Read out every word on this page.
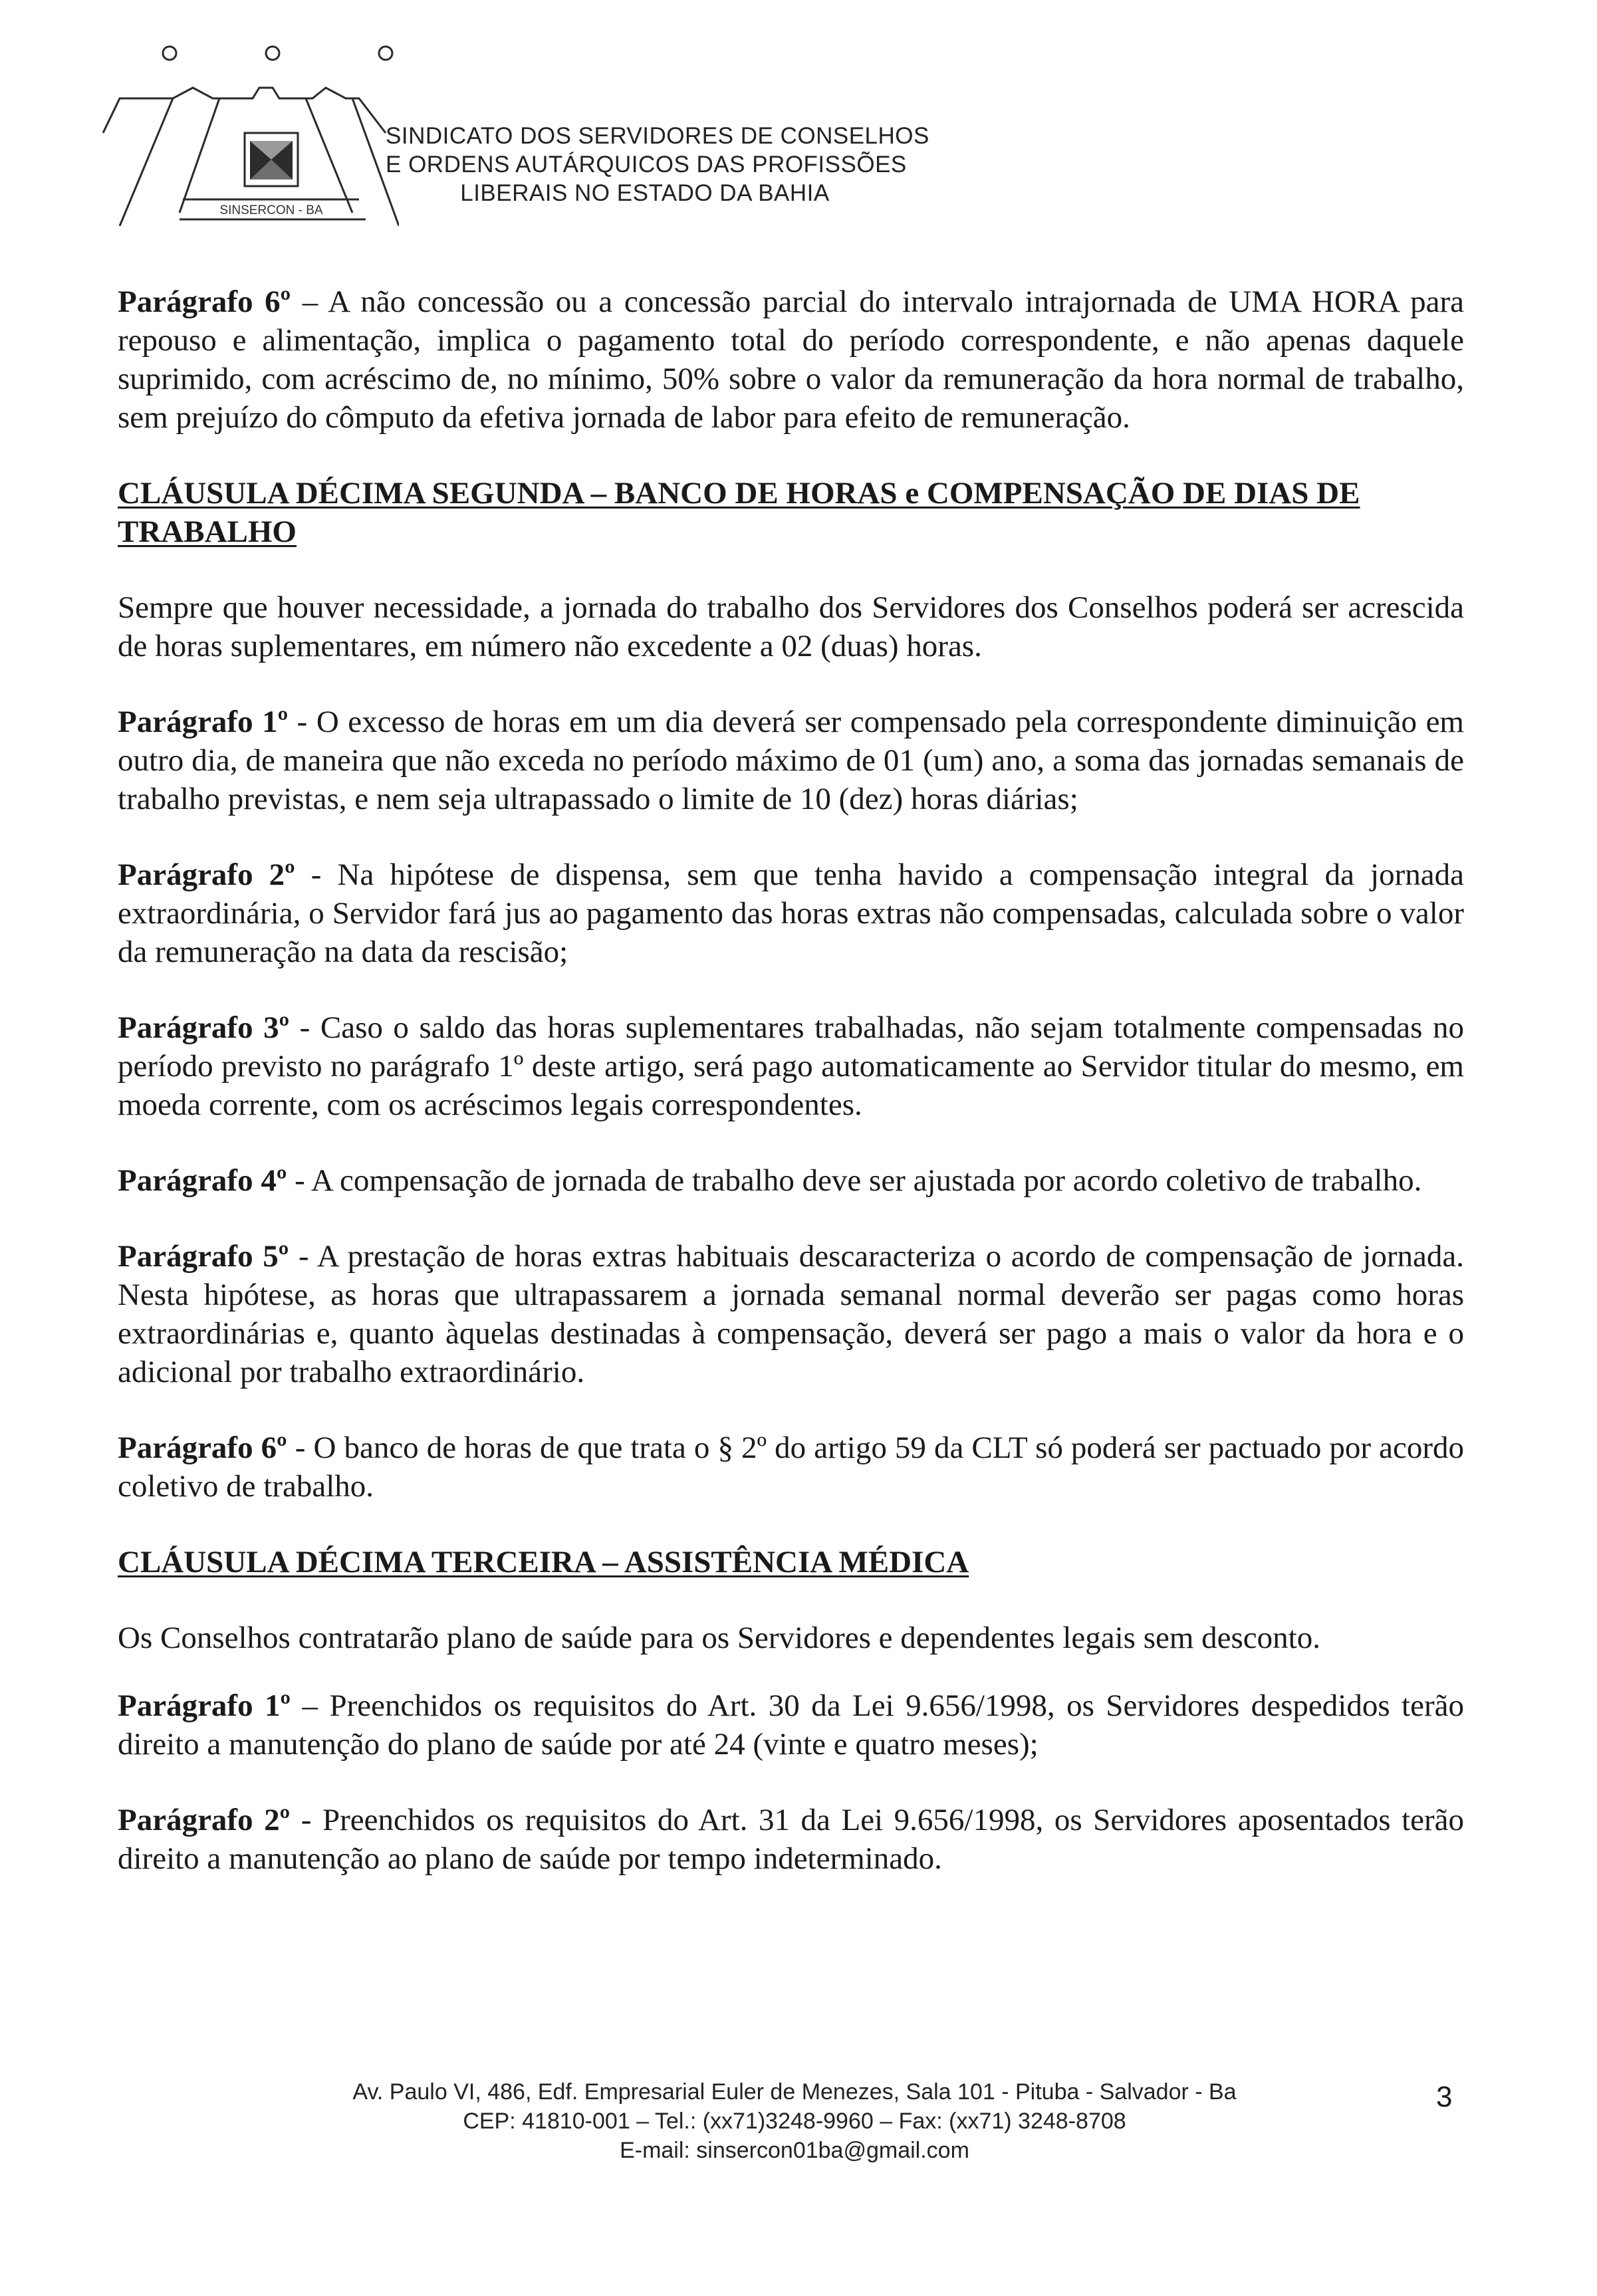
SINSERCON - BA
SINDICATO DOS SERVIDORES DE CONSELHOS
E ORDENS AUTÁRQUICOS DAS PROFISSÕES
LIBERAIS NO ESTADO DA BAHIA

Parágrafo 6º – A não concessão ou a concessão parcial do intervalo intrajornada de UMA HORA para repouso e alimentação, implica o pagamento total do período correspondente, e não apenas daquele suprimido, com acréscimo de, no mínimo, 50% sobre o valor da remuneração da hora normal de trabalho, sem prejuízo do cômputo da efetiva jornada de labor para efeito de remuneração.

CLÁUSULA DÉCIMA SEGUNDA – BANCO DE HORAS e COMPENSAÇÃO DE DIAS DE TRABALHO

Sempre que houver necessidade, a jornada do trabalho dos Servidores dos Conselhos poderá ser acrescida de horas suplementares, em número não excedente a 02 (duas) horas.

Parágrafo 1º - O excesso de horas em um dia deverá ser compensado pela correspondente diminuição em outro dia, de maneira que não exceda no período máximo de 01 (um) ano, a soma das jornadas semanais de trabalho previstas, e nem seja ultrapassado o limite de 10 (dez) horas diárias;

Parágrafo 2º - Na hipótese de dispensa, sem que tenha havido a compensação integral da jornada extraordinária, o Servidor fará jus ao pagamento das horas extras não compensadas, calculada sobre o valor da remuneração na data da rescisão;

Parágrafo 3º - Caso o saldo das horas suplementares trabalhadas, não sejam totalmente compensadas no período previsto no parágrafo 1º deste artigo, será pago automaticamente ao Servidor titular do mesmo, em moeda corrente, com os acréscimos legais correspondentes.

Parágrafo 4º - A compensação de jornada de trabalho deve ser ajustada por acordo coletivo de trabalho.

Parágrafo 5º - A prestação de horas extras habituais descaracteriza o acordo de compensação de jornada. Nesta hipótese, as horas que ultrapassarem a jornada semanal normal deverão ser pagas como horas extraordinárias e, quanto àquelas destinadas à compensação, deverá ser pago a mais o valor da hora e o adicional por trabalho extraordinário.

Parágrafo 6º - O banco de horas de que trata o § 2º do artigo 59 da CLT só poderá ser pactuado por acordo coletivo de trabalho.

CLÁUSULA DÉCIMA TERCEIRA – ASSISTÊNCIA MÉDICA

Os Conselhos contratarão plano de saúde para os Servidores e dependentes legais sem desconto.

Parágrafo 1º – Preenchidos os requisitos do Art. 30 da Lei 9.656/1998, os Servidores despedidos terão direito a manutenção do plano de saúde por até 24 (vinte e quatro meses);

Parágrafo 2º - Preenchidos os requisitos do Art. 31 da Lei 9.656/1998, os Servidores aposentados terão direito a manutenção ao plano de saúde por tempo indeterminado.

Av. Paulo VI, 486, Edf. Empresarial Euler de Menezes, Sala 101 - Pituba - Salvador - Ba
CEP: 41810-001 – Tel.: (xx71)3248-9960 – Fax: (xx71) 3248-8708
E-mail: sinsercon01ba@gmail.com
3
